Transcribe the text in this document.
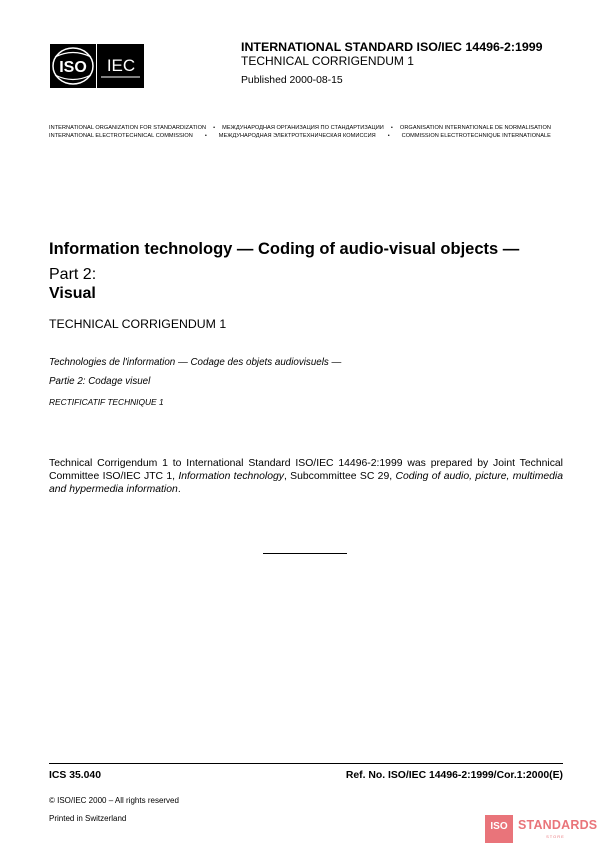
ISO IEC
INTERNATIONAL STANDARD ISO/IEC 14496-2:1999
TECHNICAL CORRIGENDUM 1
Published 2000-08-15
INTERNATIONAL ORGANIZATION FOR STANDARDIZATION • МЕЖДУНАРОДНАЯ ОРГАНИЗАЦИЯ ПО СТАНДАРТИЗАЦИИ • ORGANISATION INTERNATIONALE DE NORMALISATION
INTERNATIONAL ELECTROTECHNICAL COMMISSION • МЕЖДУНАРОДНАЯ ЭЛЕКТРОТЕХНИЧЕСКАЯ КОМИССИЯ • COMMISSION ELECTROTECHNIQUE INTERNATIONALE
Information technology — Coding of audio-visual objects —
Part 2:
Visual
TECHNICAL CORRIGENDUM 1
Technologies de l'information — Codage des objets audiovisuels —
Partie 2: Codage visuel
RECTIFICATIF TECHNIQUE 1
Technical Corrigendum 1 to International Standard ISO/IEC 14496-2:1999 was prepared by Joint Technical Committee ISO/IEC JTC 1, Information technology, Subcommittee SC 29, Coding of audio, picture, multimedia and hypermedia information.
ICS 35.040	Ref. No. ISO/IEC 14496-2:1999/Cor.1:2000(E)
© ISO/IEC 2000 – All rights reserved
Printed in Switzerland
ISO STANDARDS
STORE
